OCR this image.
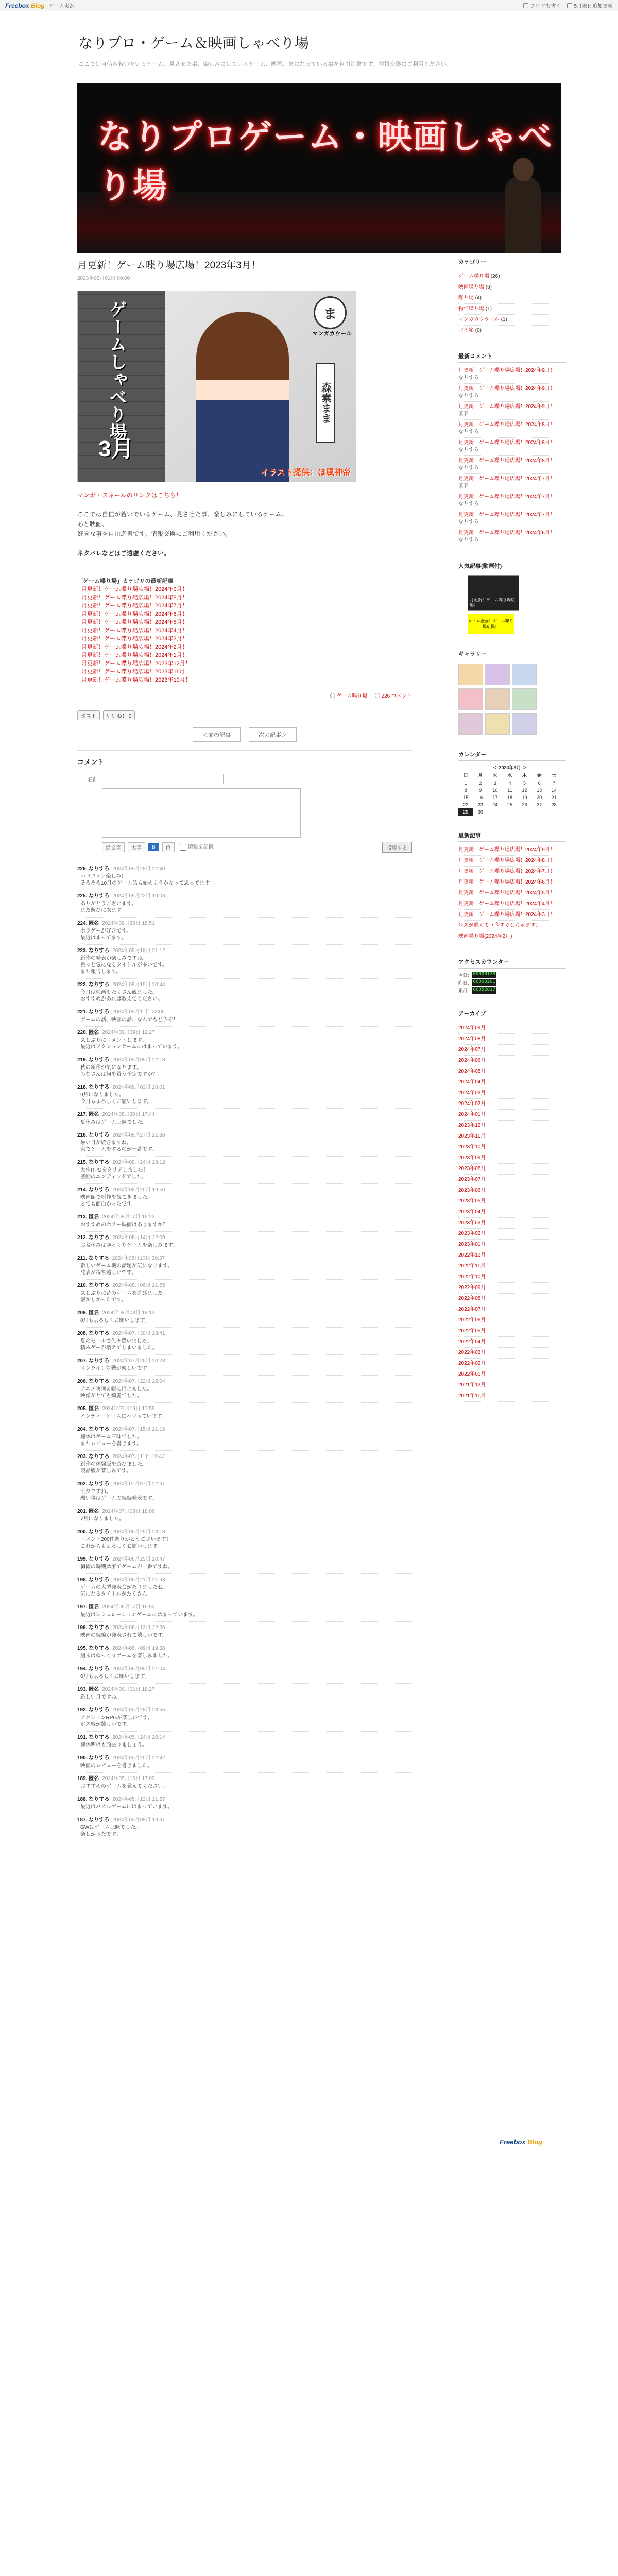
Freebox Blog ゲーム実況	ブログを書く	5月末日追加更新
なりプロ・ゲーム＆映画しゃべり場

ここでは自信が若いでいるゲーム、見させた事、楽しみにしているゲーム、映画、気になっている事を自由迄書です。情報交換にご利用ください。

なりプロゲーム・映画しゃべり場
月更新！ゲーム喋り場広場！2023年3月！
2023年03月01日 00:00
ゲームしゃべり場
3月
ま
マンガカウール
森素まま
イラスト提供：ほ風神帝
マンガ・スネールのリンクはこちら！

ここでは自信が若いでいるゲーム、見させた事、楽しみにしているゲーム、

あと映画、

好きな事を自由迄書です。情報交換にご利用ください。

ネタバレなどはご遠慮ください。

「ゲーム喋り場」カテゴリの最新記事
月更新！ゲーム喋り場広場！2024年9月！
月更新！ゲーム喋り場広場！2024年8月！
月更新！ゲーム喋り場広場！2024年7月！
月更新！ゲーム喋り場広場！2024年6月！
月更新！ゲーム喋り場広場！2024年5月！
月更新！ゲーム喋り場広場！2024年4月！
月更新！ゲーム喋り場広場！2024年3月！
月更新！ゲーム喋り場広場！2024年2月！
月更新！ゲーム喋り場広場！2024年1月！
月更新！ゲーム喋り場広場！2023年12月！
月更新！ゲーム喋り場広場！2023年11月！
月更新！ゲーム喋り場広場！2023年10月！
ゲーム喋り場	226 コメント
ポスト	いいね！ 0
＜前の記事	次の記事＞
コメント
名前
絵文字	太字	B	色	情報を記憶	投稿する
226. なりすろ 2024年09月28日 22:40
ハロウィン楽しみ！
そろそろ10月のゲーム話も始めようかなって思ってます。
225. なりすろ 2024年09月22日 10:03
ありがとうございます。
また遊びに来ます！
224. 匿名 2024年09月20日 18:51
ホラゲーが好きです。
最近はまってます。
223. なりすろ 2024年09月18日 21:12
新作の発表が楽しみですね。
色々と気になるタイトルが多いです。
また報告します。
222. なりすろ 2024年09月15日 20:44
今月は映画もたくさん観ました。
おすすめがあれば教えてください。
221. なりすろ 2024年09月11日 23:05
ゲームの話、映画の話、なんでもどうぞ！
220. 匿名 2024年09月09日 19:27
久しぶりにコメントします。
最近はアクションゲームにはまっています。
219. なりすろ 2024年09月05日 22:18
秋の新作が気になります。
みなさんは何を買う予定ですか？
218. なりすろ 2024年09月02日 20:01
9月になりました。
今月もよろしくお願いします。
217. 匿名 2024年08月30日 17:44
夏休みはゲーム三昧でした。
216. なりすろ 2024年08月27日 21:36
暑い日が続きますね。
家でゲームをするのが一番です。
215. なりすろ 2024年08月24日 23:12
大作RPGをクリアしました！
感動のエンディングでした。
214. なりすろ 2024年08月20日 19:50
映画館で新作を観てきました。
とても面白かったです。
213. 匿名 2024年08月17日 16:22
おすすめのホラー映画はありますか？
212. なりすろ 2024年08月14日 22:09
お盆休みはゆっくりゲームを楽しみます。
211. なりすろ 2024年08月10日 20:37
新しいゲーム機の話題が気になります。
発表が待ち遠しいです。
210. なりすろ 2024年08月06日 21:55
久しぶりに昔のゲームを遊びました。
懐かしかったです。
209. 匿名 2024年08月03日 18:13
8月もよろしくお願いします。
208. なりすろ 2024年07月30日 23:41
夏のセールで色々買いました。
積みゲーが増えてしまいました。
207. なりすろ 2024年07月26日 20:28
オンライン対戦が楽しいです。
206. なりすろ 2024年07月22日 22:04
アニメ映画を観に行きました。
映像がとても綺麗でした。
205. 匿名 2024年07月19日 17:59
インディーゲームにハマっています。
204. なりすろ 2024年07月15日 21:16
連休はゲーム三昧でした。
またレビューを書きます。
203. なりすろ 2024年07月11日 19:42
新作の体験版を遊びました。
製品版が楽しみです。
202. なりすろ 2024年07月07日 22:31
七夕ですね。
願い事はゲームの続編発表です。
201. 匿名 2024年07月03日 18:06
7月になりました。
200. なりすろ 2024年06月29日 23:18
コメント200件ありがとうございます！
これからもよろしくお願いします。
199. なりすろ 2024年06月25日 20:47
梅雨の時期は家でゲームが一番ですね。
198. なりすろ 2024年06月21日 21:33
ゲームの大型発表会がありましたね。
気になるタイトルがたくさん。
197. 匿名 2024年06月17日 16:52
最近はシミュレーションゲームにはまっています。
196. なりすろ 2024年06月13日 22:26
映画の続編が発表されて嬉しいです。
195. なりすろ 2024年06月09日 19:38
週末はゆっくりゲームを楽しみました。
194. なりすろ 2024年06月05日 21:04
6月もよろしくお願いします。
193. 匿名 2024年06月01日 18:27
新しい月ですね。
192. なりすろ 2024年05月28日 23:55
アクションRPGが楽しいです。
ボス戦が難しいです。
191. なりすろ 2024年05月24日 20:14
連休明けも頑張りましょう。
190. なりすろ 2024年05月20日 22:42
映画のレビューを書きました。
189. 匿名 2024年05月16日 17:09
おすすめのゲームを教えてください。
188. なりすろ 2024年05月12日 21:57
最近はパズルゲームにはまっています。
187. なりすろ 2024年05月08日 19:31
GWはゲーム三昧でした。
楽しかったです。
カテゴリー
ゲーム喋り場 (26)
映画喋り場 (6)
喋り場 (4)
物で喋り場 (1)
マンガカウラール (1)
ゴミ箱 (0)
最新コメント
月更新！ゲーム喋り場広場！2024年9月！
なりすろ
月更新！ゲーム喋り場広場！2024年9月！
なりすろ
月更新！ゲーム喋り場広場！2024年9月！
匿名
月更新！ゲーム喋り場広場！2024年8月！
なりすろ
月更新！ゲーム喋り場広場！2024年8月！
なりすろ
月更新！ゲーム喋り場広場！2024年8月！
なりすろ
月更新！ゲーム喋り場広場！2024年7月！
匿名
月更新！ゲーム喋り場広場！2024年7月！
なりすろ
月更新！ゲーム喋り場広場！2024年7月！
なりすろ
月更新！ゲーム喋り場広場！2024年6月！
なりすろ
人気記事(動画付)
月更新！ゲーム喋り場広場！
レトロ漫画！ゲーム喋り場広場！
ギャラリー
カレンダー
＜ 2024年9月 ＞
日	月	火	水	木	金	土
1	2	3	4	5	6	7
8	9	10	11	12	13	14
15	16	17	18	19	20	21
22	23	24	25	26	27	28
29	30					
最新記事
月更新！ゲーム喋り場広場！2024年9月！
月更新！ゲーム喋り場広場！2024年8月！
月更新！ゲーム喋り場広場！2024年7月！
月更新！ゲーム喋り場広場！2024年6月！
月更新！ゲーム喋り場広場！2024年5月！
月更新！ゲーム喋り場広場！2024年4月！
月更新！ゲーム喋り場広場！2024年3月！
レスが遅くて（今すぐしちゃます）
映画喋り場(2024年2月)
アクセスカウンター
今日: 00000128
昨日: 00000201
累計: 00052817
アーカイブ
2024年09月
2024年08月
2024年07月
2024年06月
2024年05月
2024年04月
2024年03月
2024年02月
2024年01月
2023年12月
2023年11月
2023年10月
2023年09月
2023年08月
2023年07月
2023年06月
2023年05月
2023年04月
2023年03月
2023年02月
2023年01月
2022年12月
2022年11月
2022年10月
2022年09月
2022年08月
2022年07月
2022年06月
2022年05月
2022年04月
2022年03月
2022年02月
2022年01月
2021年12月
2021年11月
Freebox Blog
